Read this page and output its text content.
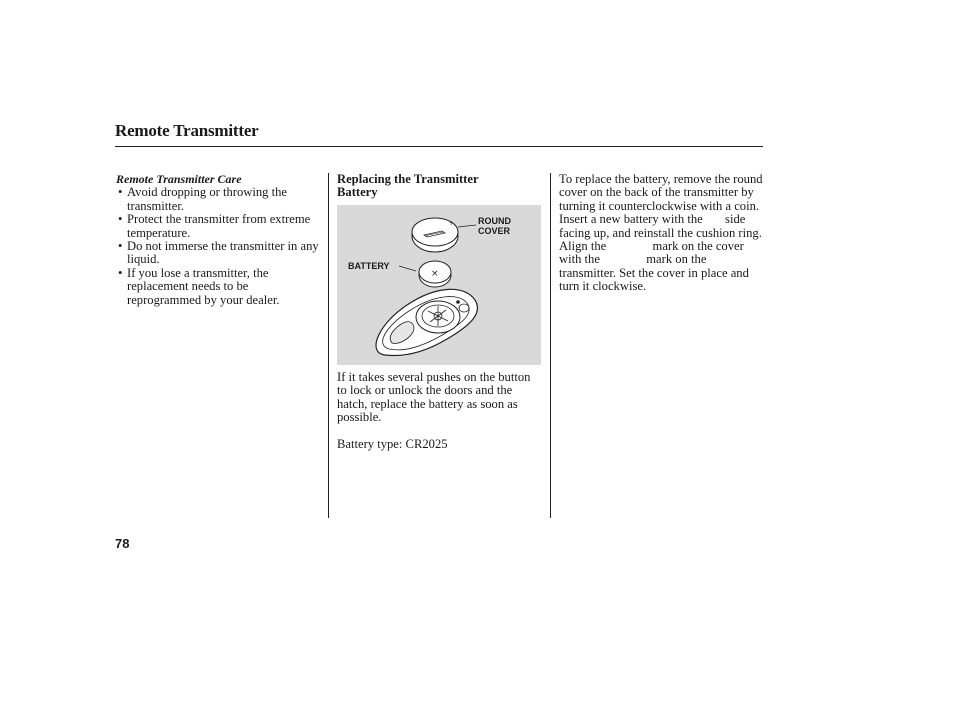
Remote Transmitter
Remote Transmitter Care
• Avoid dropping or throwing the transmitter.
• Protect the transmitter from extreme temperature.
• Do not immerse the transmitter in any liquid.
• If you lose a transmitter, the replacement needs to be reprogrammed by your dealer.
Replacing the Transmitter Battery
+
×
ROUND COVER
BATTERY

If it takes several pushes on the button to lock or unlock the doors and the hatch, replace the battery as soon as possible.

Battery type: CR2025

To replace the battery, remove the round cover on the back of the transmitter by turning it counterclockwise with a coin. Insert a new battery with the side facing up, and reinstall the cushion ring.
Align the	mark on the cover
with the	mark on the
transmitter. Set the cover in place and turn it clockwise.

78
